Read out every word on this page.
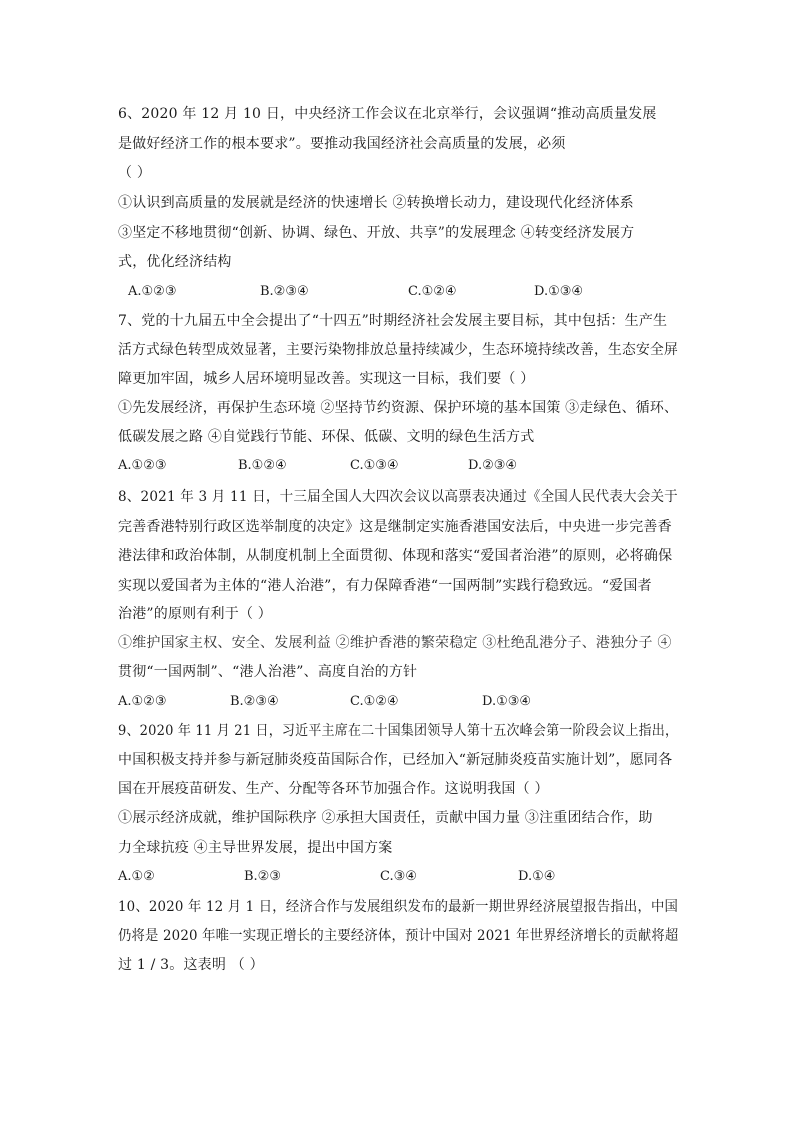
6、2020 年 12 月 10 日，中央经济工作会议在北京举行，会议强调“推动高质量发展
是做好经济工作的根本要求”。要推动我国经济社会高质量的发展，必须
（ ）
①认识到高质量的发展就是经济的快速增长 ②转换增长动力，建设现代化经济体系
③坚定不移地贯彻“创新、协调、绿色、开放、共享”的发展理念 ④转变经济发展方
式，优化经济结构
A.①②③	B.②③④	C.①②④	D.①③④
7、党的十九届五中全会提出了“十四五”时期经济社会发展主要目标，其中包括：生产生
活方式绿色转型成效显著，主要污染物排放总量持续减少，生态环境持续改善，生态安全屏
障更加牢固，城乡人居环境明显改善。实现这一目标，我们要（ ）
①先发展经济，再保护生态环境 ②坚持节约资源、保护环境的基本国策 ③走绿色、循环、
低碳发展之路 ④自觉践行节能、环保、低碳、文明的绿色生活方式
A.①②③	B.①②④	C.①③④	D.②③④
8、2021 年 3 月 11 日，十三届全国人大四次会议以高票表决通过《全国人民代表大会关于
完善香港特别行政区选举制度的决定》这是继制定实施香港国安法后，中央进一步完善香
港法律和政治体制，从制度机制上全面贯彻、体现和落实“爱国者治港”的原则，必将确保
实现以爱国者为主体的“港人治港”，有力保障香港“一国两制”实践行稳致远。“爱国者
治港”的原则有利于（ ）
①维护国家主权、安全、发展利益 ②维护香港的繁荣稳定 ③杜绝乱港分子、港独分子 ④
贯彻“一国两制”、“港人治港”、高度自治的方针
A.①②③	B.②③④	C.①②④	D.①③④
9、2020 年 11 月 21 日，习近平主席在二十国集团领导人第十五次峰会第一阶段会议上指出，
中国积极支持并参与新冠肺炎疫苗国际合作，已经加入“新冠肺炎疫苗实施计划”，愿同各
国在开展疫苗研发、生产、分配等各环节加强合作。这说明我国（ ）
①展示经济成就，维护国际秩序 ②承担大国责任，贡献中国力量 ③注重团结合作，助
力全球抗疫 ④主导世界发展，提出中国方案
A.①②	B.②③	C.③④	D.①④
10、2020 年 12 月 1 日，经济合作与发展组织发布的最新一期世界经济展望报告指出，中国
仍将是 2020 年唯一实现正增长的主要经济体，预计中国对 2021 年世界经济增长的贡献将超
过 1 / 3。这表明 （ ）
